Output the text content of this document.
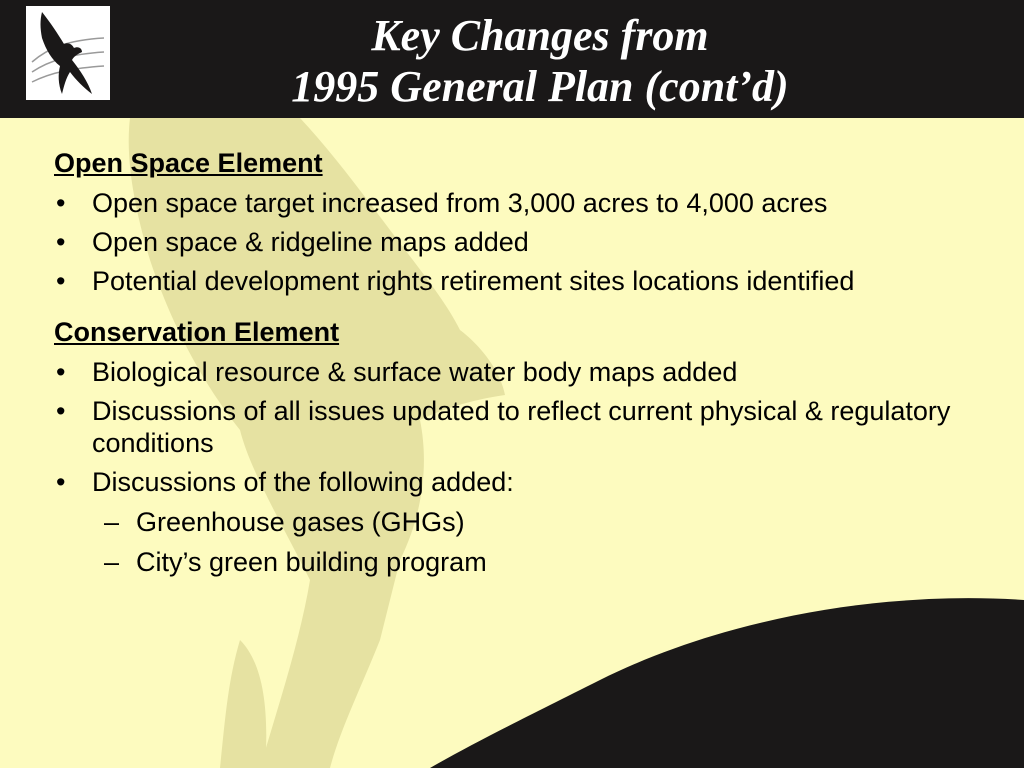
Key Changes from
1995 General Plan (cont’d)
Open Space Element
• Open space target increased from 3,000 acres to 4,000 acres
• Open space & ridgeline maps added
• Potential development rights retirement sites locations identified
Conservation Element
• Biological resource & surface water body maps added
• Discussions of all issues updated to reflect current physical & regulatory conditions
• Discussions of the following added:
– Greenhouse gases (GHGs)
– City’s green building program
